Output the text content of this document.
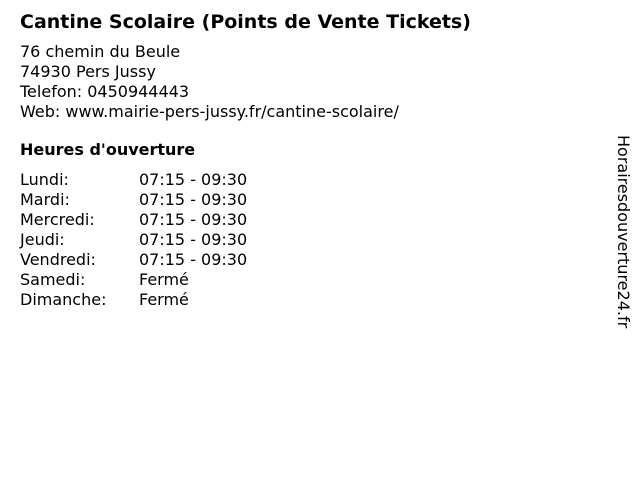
Cantine Scolaire (Points de Vente Tickets)
76 chemin du Beule
74930 Pers Jussy
Telefon: 0450944443
Web: www.mairie-pers-jussy.fr/cantine-scolaire/
Heures d'ouverture
Lundi:	07:15 - 09:30
Mardi:	07:15 - 09:30
Mercredi:	07:15 - 09:30
Jeudi:	07:15 - 09:30
Vendredi:	07:15 - 09:30
Samedi:	Fermé
Dimanche:	Fermé	Horairesdouverture24.fr
